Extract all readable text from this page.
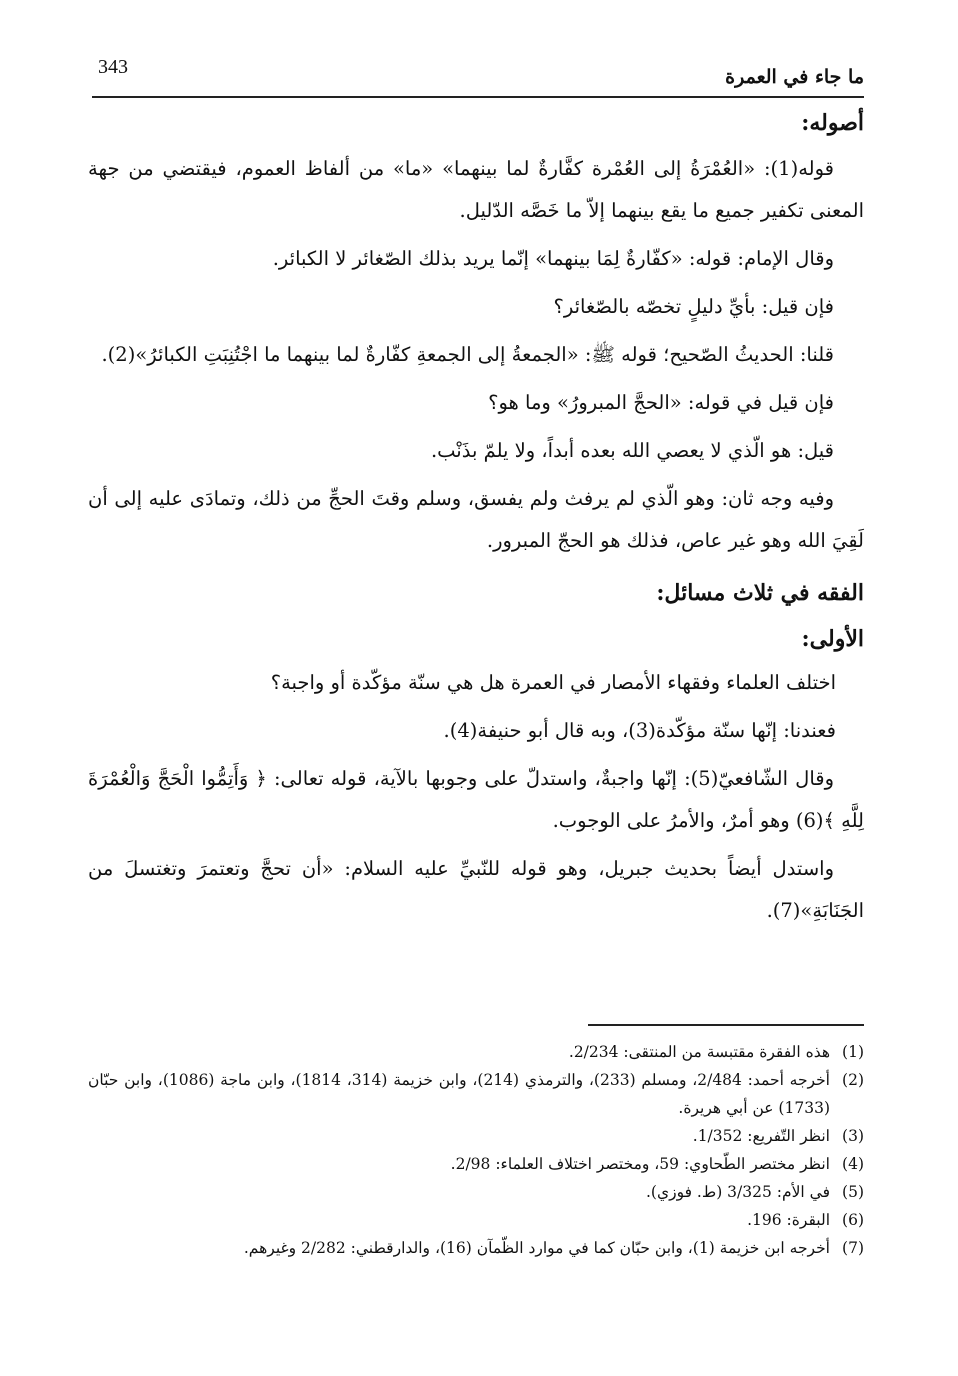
ما جاء في العمرة
343

أصوله:

قوله(1): «العُمْرَةُ إلى العُمْرة كفَّارةٌ لما بينهما» «ما» من ألفاظ العموم، فيقتضي من جهة المعنى تكفير جميع ما يقع بينهما إلاّ ما خَصَّه الدّليل.

وقال الإمام: قوله: «كفّارةٌ لِمَا بينهما» إنّما يريد بذلك الصّغائر لا الكبائر.

فإن قيل: بأيِّ دليلٍ تخصّه بالصّغائر؟

قلنا: الحديثُ الصّحيح؛ قوله ﷺ: «الجمعةُ إلى الجمعةِ كفّارةٌ لما بينهما ما اجْتُنِبَتِ الكبائرُ»(2).

فإن قيل في قوله: «الحجَّ المبرورُ» وما هو؟

قيل: هو الّذي لا يعصي الله بعده أبداً، ولا يلمّ بذَنْب.

وفيه وجه ثان: وهو الّذي لم يرفث ولم يفسق، وسلم وقتَ الحجِّ من ذلك، وتمادَى عليه إلى أن لَقِيَ الله وهو غير عاص، فذلك هو الحجّ المبرور.

الفقه في ثلاث مسائل:

الأولى:

اختلف العلماء وفقهاء الأمصار في العمرة هل هي سنّة مؤكّدة أو واجبة؟

فعندنا: إنّها سنّة مؤكّدة(3)، وبه قال أبو حنيفة(4).

وقال الشّافعيّ(5): إنّها واجبةٌ، واستدلّ على وجوبها بالآية، قوله تعالى: ﴿ وَأَتِمُّوا الْحَجَّ وَالْعُمْرَةَ لِلَّهِ ﴾(6) وهو أمرٌ، والأمرُ على الوجوب.

واستدل أيضاً بحديث جبريل، وهو قوله للنّبيِّ عليه السلام: «أن تحجَّ وتعتمرَ وتغتسلَ من الجَنَابَةِ»(7).

(1)
هذه الفقرة مقتبسة من المنتقى: 2/234.

(2)
أخرجه أحمد: 2/484، ومسلم (233)، والترمذي (214)، وابن خزيمة (314، 1814)، وابن ماجة (1086)، وابن حبّان (1733) عن أبي هريرة.

(3)
انظر التّفريع: 1/352.

(4)
انظر مختصر الطّحاوي: 59، ومختصر اختلاف العلماء: 2/98.

(5)
في الأم: 3/325 (ط. فوزي).

(6)
البقرة: 196.

(7)
أخرجه ابن خزيمة (1)، وابن حبّان كما في موارد الظّمآن (16)، والدارقطني: 2/282 وغيرهم.
